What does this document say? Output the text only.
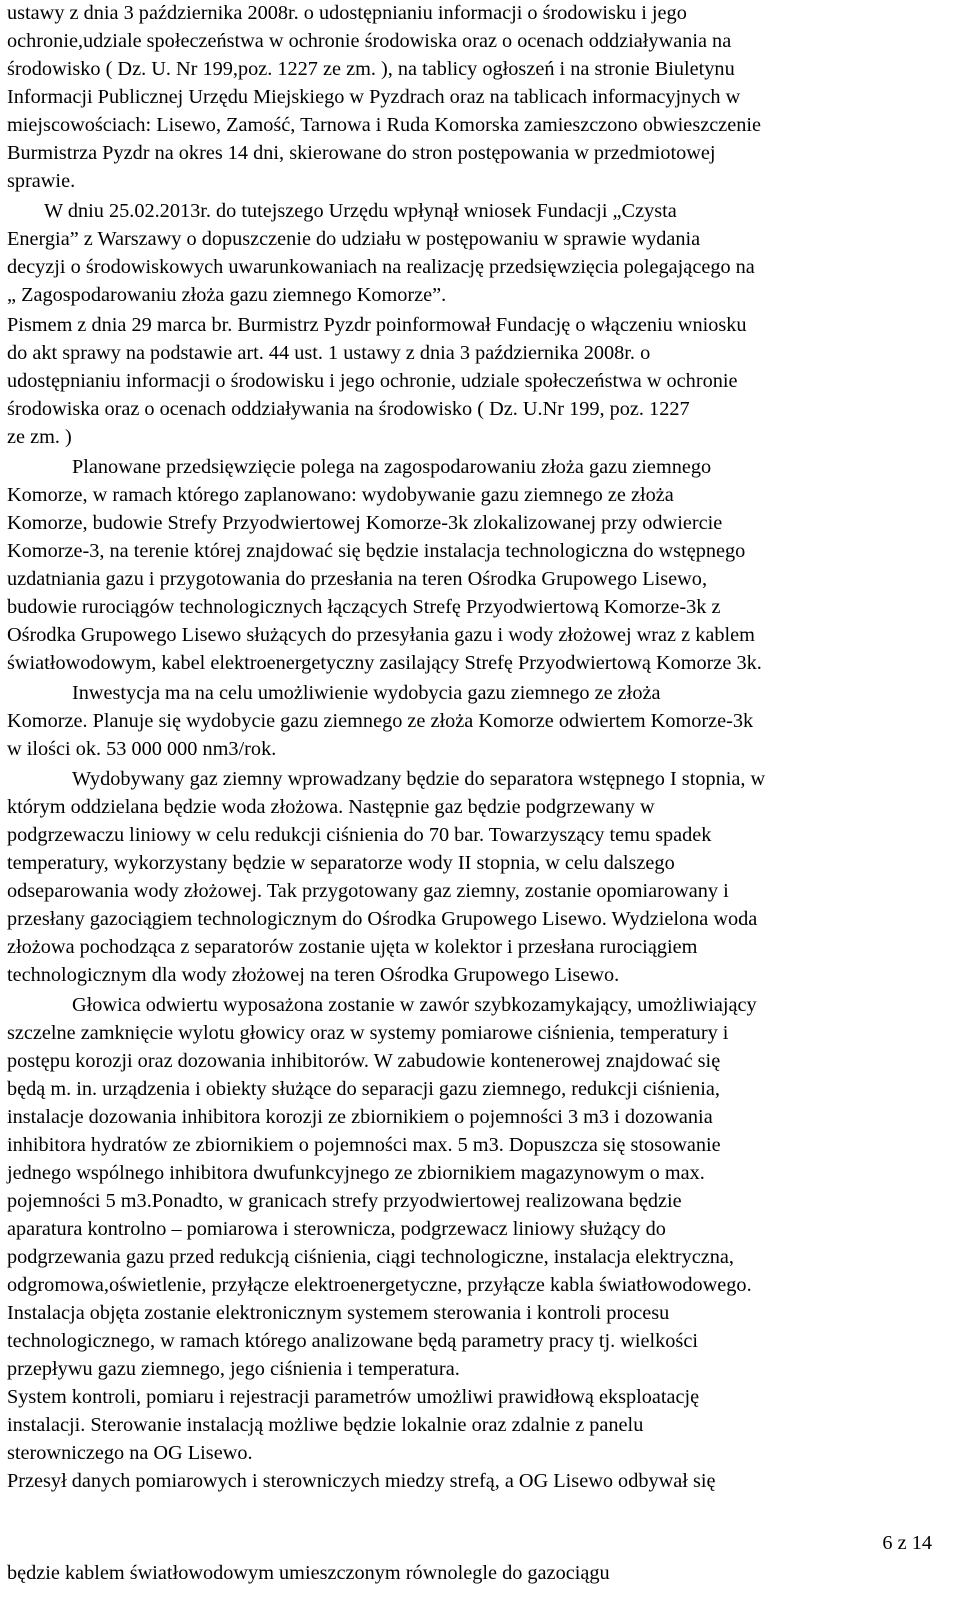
ustawy z dnia 3 października 2008r. o udostępnianiu informacji o środowisku i jego
ochronie,udziale społeczeństwa w ochronie środowiska oraz o ocenach oddziaływania na
środowisko ( Dz. U. Nr 199,poz. 1227 ze zm. ), na tablicy ogłoszeń i na stronie Biuletynu
Informacji Publicznej Urzędu Miejskiego w Pyzdrach oraz na tablicach informacyjnych w
miejscowościach: Lisewo, Zamość, Tarnowa i Ruda Komorska zamieszczono obwieszczenie
Burmistrza Pyzdr na okres 14 dni, skierowane do stron postępowania w przedmiotowej
sprawie.
W dniu 25.02.2013r. do tutejszego Urzędu wpłynął wniosek Fundacji „Czysta
Energia” z Warszawy o dopuszczenie do udziału w postępowaniu w sprawie wydania
decyzji o środowiskowych uwarunkowaniach na realizację przedsięwzięcia polegającego na
„ Zagospodarowaniu złoża gazu ziemnego Komorze”.
Pismem z dnia 29 marca br. Burmistrz Pyzdr poinformował Fundację o włączeniu wniosku
do akt sprawy na podstawie art. 44 ust. 1 ustawy z dnia 3 października 2008r. o
udostępnianiu informacji o środowisku i jego ochronie, udziale społeczeństwa w ochronie
środowiska oraz o ocenach oddziaływania na środowisko ( Dz. U.Nr 199, poz. 1227
ze zm. )
Planowane przedsięwzięcie polega na zagospodarowaniu złoża gazu ziemnego
Komorze, w ramach którego zaplanowano: wydobywanie gazu ziemnego ze złoża
Komorze, budowie Strefy Przyodwiertowej Komorze-3k zlokalizowanej przy odwiercie
Komorze-3, na terenie której znajdować się będzie instalacja technologiczna do wstępnego
uzdatniania gazu i przygotowania do przesłania na teren Ośrodka Grupowego Lisewo,
budowie rurociągów technologicznych łączących Strefę Przyodwiertową Komorze-3k z
Ośrodka Grupowego Lisewo służących do przesyłania gazu i wody złożowej wraz z kablem
światłowodowym, kabel elektroenergetyczny zasilający Strefę Przyodwiertową Komorze 3k.
Inwestycja ma na celu umożliwienie wydobycia gazu ziemnego ze złoża
Komorze. Planuje się wydobycie gazu ziemnego ze złoża Komorze odwiertem Komorze-3k
w ilości ok. 53 000 000 nm3/rok.
Wydobywany gaz ziemny wprowadzany będzie do separatora wstępnego I stopnia, w
którym oddzielana będzie woda złożowa. Następnie gaz będzie podgrzewany w
podgrzewaczu liniowy w celu redukcji ciśnienia do 70 bar. Towarzyszący temu spadek
temperatury, wykorzystany będzie w separatorze wody II stopnia, w celu dalszego
odseparowania wody złożowej. Tak przygotowany gaz ziemny, zostanie opomiarowany i
przesłany gazociągiem technologicznym do Ośrodka Grupowego Lisewo. Wydzielona woda
złożowa pochodząca z separatorów zostanie ujęta w kolektor i przesłana rurociągiem
technologicznym dla wody złożowej na teren Ośrodka Grupowego Lisewo.
Głowica odwiertu wyposażona zostanie w zawór szybkozamykający, umożliwiający
szczelne zamknięcie wylotu głowicy oraz w systemy pomiarowe ciśnienia, temperatury i
postępu korozji oraz dozowania inhibitorów. W zabudowie kontenerowej znajdować się
będą m. in. urządzenia i obiekty służące do separacji gazu ziemnego, redukcji ciśnienia,
instalacje dozowania inhibitora korozji ze zbiornikiem o pojemności 3 m3 i dozowania
inhibitora hydratów ze zbiornikiem o pojemności max. 5 m3. Dopuszcza się stosowanie
jednego wspólnego inhibitora dwufunkcyjnego ze zbiornikiem magazynowym o max.
pojemności 5 m3.Ponadto, w granicach strefy przyodwiertowej realizowana będzie
aparatura kontrolno – pomiarowa i sterownicza, podgrzewacz liniowy służący do
podgrzewania gazu przed redukcją ciśnienia, ciągi technologiczne, instalacja elektryczna,
odgromowa,oświetlenie, przyłącze elektroenergetyczne, przyłącze kabla światłowodowego.
Instalacja objęta zostanie elektronicznym systemem sterowania i kontroli procesu
technologicznego, w ramach którego analizowane będą parametry pracy tj. wielkości
przepływu gazu ziemnego, jego ciśnienia i temperatura.
System kontroli, pomiaru i rejestracji parametrów umożliwi prawidłową eksploatację
instalacji. Sterowanie instalacją możliwe będzie lokalnie oraz zdalnie z panelu
sterowniczego na OG Lisewo.
Przesył danych pomiarowych i sterowniczych miedzy strefą, a OG Lisewo odbywał się
6 z 14
będzie kablem światłowodowym umieszczonym równolegle do gazociągu
